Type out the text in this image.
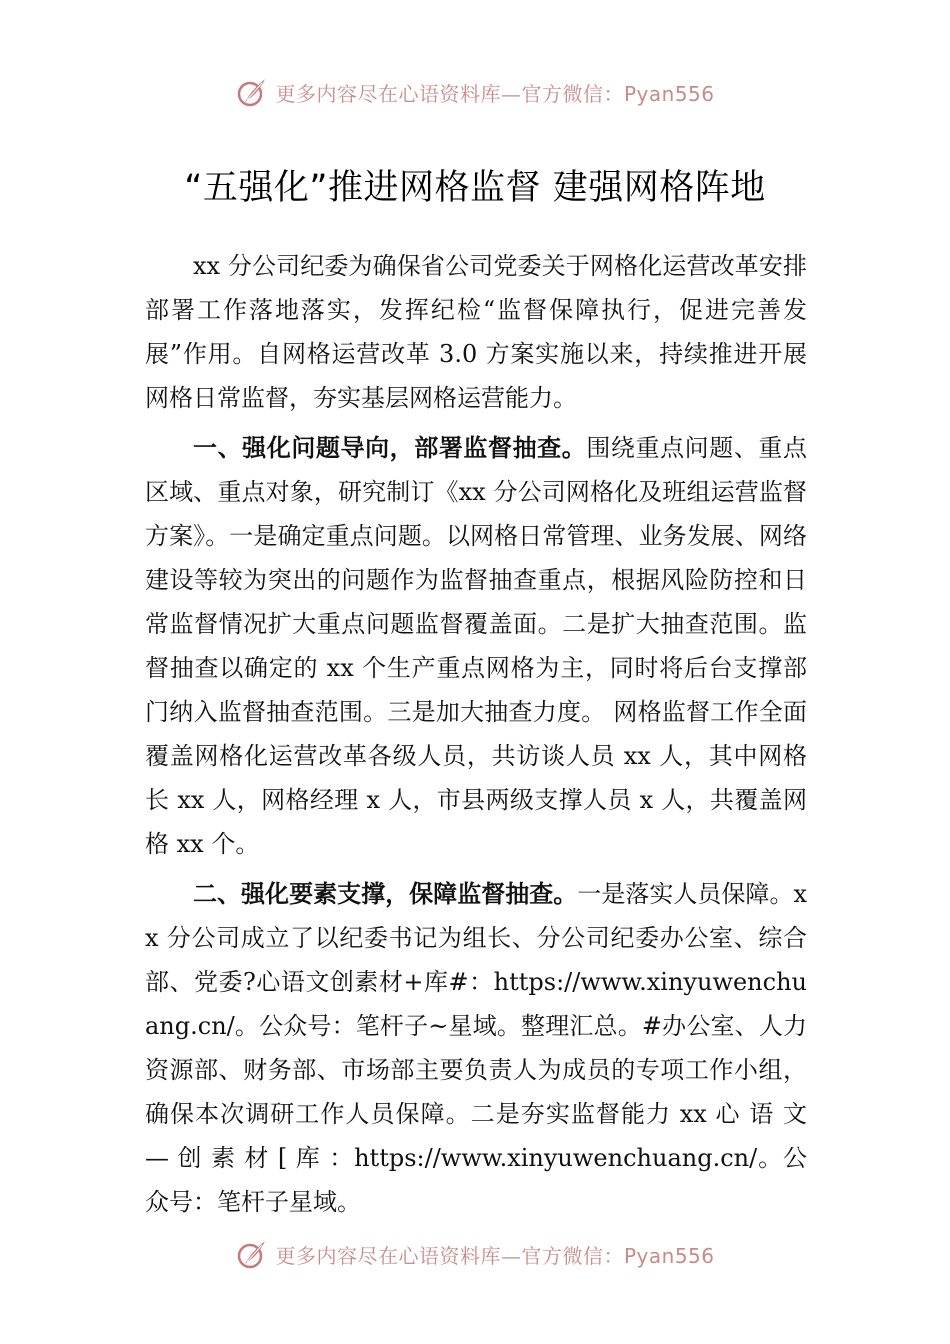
更多内容尽在心语资料库—官方微信：Pyan556
“五强化”推进网格监督 建强网格阵地

xx 分公司纪委为确保省公司党委关于网格化运营改革安排部署工作落地落实，发挥纪检“监督保障执行，促进完善发展”作用。自网格运营改革 3.0 方案实施以来，持续推进开展网格日常监督，夯实基层网格运营能力。

一、强化问题导向，部署监督抽查。围绕重点问题、重点区域、重点对象，研究制订《xx 分公司网格化及班组运营监督方案》。一是确定重点问题。以网格日常管理、业务发展、网络建设等较为突出的问题作为监督抽查重点，根据风险防控和日常监督情况扩大重点问题监督覆盖面。二是扩大抽查范围。监督抽查以确定的 xx 个生产重点网格为主，同时将后台支撑部门纳入监督抽查范围。三是加大抽查力度。 网格监督工作全面覆盖网格化运营改革各级人员，共访谈人员 xx 人，其中网格长 xx 人，网格经理 x 人，市县两级支撑人员 x 人，共覆盖网格 xx 个。

二、强化要素支撑，保障监督抽查。一是落实人员保障。xx 分公司成立了以纪委书记为组长、分公司纪委办公室、综合部、党委?心语文创素材+库#：https://www.xinyuwenchuang.cn/。公众号：笔杆子~星域。整理汇总。#办公室、人力资源部、财务部、市场部主要负责人为成员的专项工作小组，确保本次调研工作人员保障。二是夯实监督能力 xx 心 语 文 — 创 素 材 [ 库 ：https://www.xinyuwenchuang.cn/。公众号：笔杆子星域。

更多内容尽在心语资料库—官方微信：Pyan556
